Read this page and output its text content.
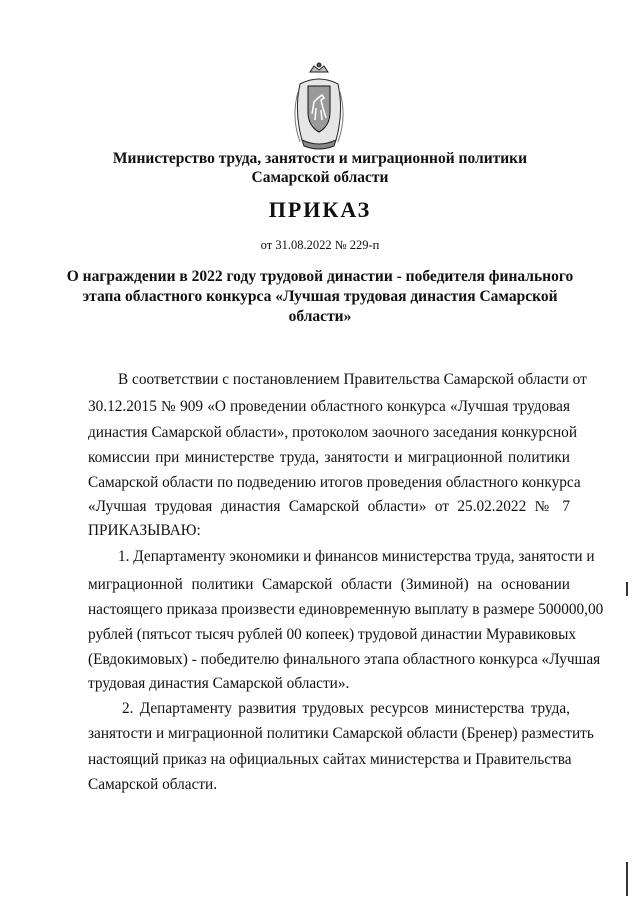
Министерство труда, занятости и миграционной политики
Самарской области
ПРИКАЗ
от 31.08.2022 № 229-п
О награждении в 2022 году трудовой династии - победителя финального
этапа областного конкурса «Лучшая трудовая династия Самарской
области»
В соответствии с постановлением Правительства Самарской области от
30.12.2015 № 909 «О проведении областного конкурса «Лучшая трудовая
династия Самарской области», протоколом заочного заседания конкурсной
комиссии при министерстве труда, занятости и миграционной политики
Самарской области по подведению итогов проведения областного конкурса
«Лучшая трудовая династия Самарской области» от 25.02.2022 № 7
ПРИКАЗЫВАЮ:
1. Департаменту экономики и финансов министерства труда, занятости и
миграционной политики Самарской области (Зиминой) на основании
настоящего приказа произвести единовременную выплату в размере 500000,00
рублей (пятьсот тысяч рублей 00 копеек) трудовой династии Муравиковых
(Евдокимовых) - победителю финального этапа областного конкурса «Лучшая
трудовая династия Самарской области».
2. Департаменту развития трудовых ресурсов министерства труда,
занятости и миграционной политики Самарской области (Бренер) разместить
настоящий приказ на официальных сайтах министерства и Правительства
Самарской области.
